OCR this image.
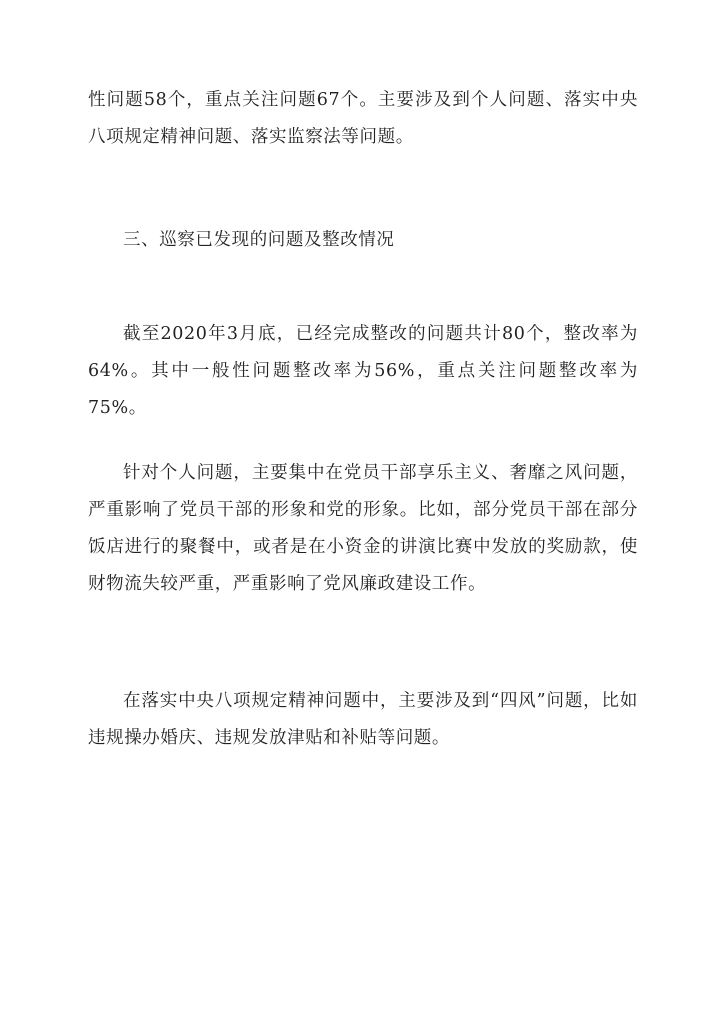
性问题58个，重点关注问题67个。主要涉及到个人问题、落实中央八项规定精神问题、落实监察法等问题。

三、巡察已发现的问题及整改情况

截至2020年3月底，已经完成整改的问题共计80个，整改率为64%。其中一般性问题整改率为56%，重点关注问题整改率为75%。

针对个人问题，主要集中在党员干部享乐主义、奢靡之风问题，严重影响了党员干部的形象和党的形象。比如，部分党员干部在部分饭店进行的聚餐中，或者是在小资金的讲演比赛中发放的奖励款，使财物流失较严重，严重影响了党风廉政建设工作。

在落实中央八项规定精神问题中，主要涉及到“四风”问题，比如违规操办婚庆、违规发放津贴和补贴等问题。
